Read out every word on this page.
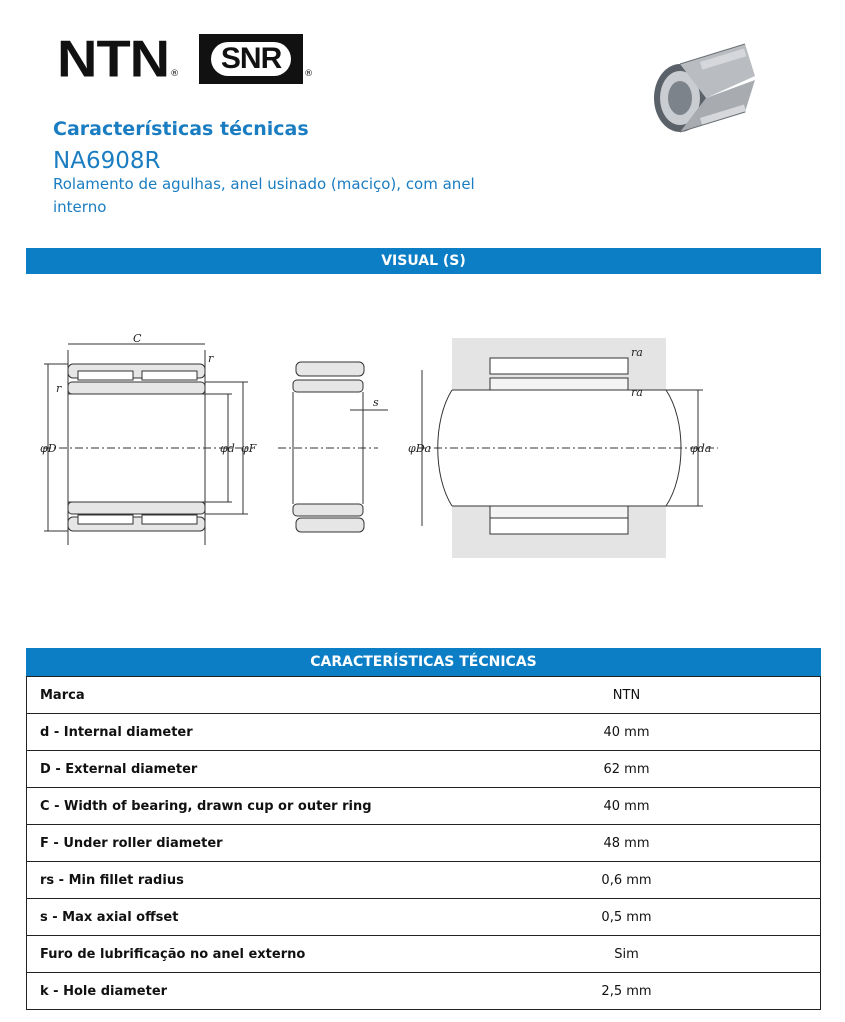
NTN ®	SNR	®
Características técnicas
NA6908R
Rolamento de agulhas, anel usinado (maciço), com anel interno
VISUAL (S)
C
r
r
φD	φd φF
s
φDa	φda
ra
ra
CARACTERÍSTICAS TÉCNICAS
Marca	NTN
d - Internal diameter	40 mm
D - External diameter	62 mm
C - Width of bearing, drawn cup or outer ring	40 mm
F - Under roller diameter	48 mm
rs - Min fillet radius	0,6 mm
s - Max axial offset	0,5 mm
Furo de lubrificação no anel externo	Sim
k - Hole diameter	2,5 mm
